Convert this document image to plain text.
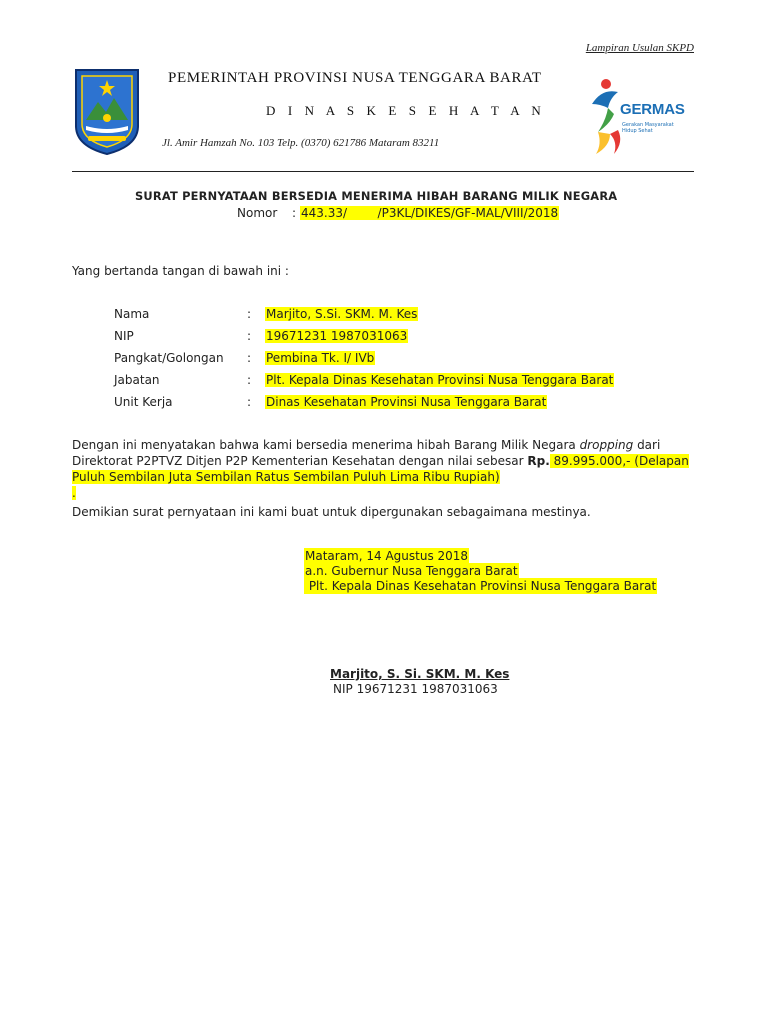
Lampiran Usulan SKPD
PEMERINTAH PROVINSI NUSA TENGGARA BARAT
D I N A S K E S E H A T A N
Jl. Amir Hamzah No. 103 Telp. (0370) 621786 Mataram 83211
GERMAS
Gerakan Masyarakat
Hidup Sehat
SURAT PERNYATAAN BERSEDIA MENERIMA HIBAH BARANG MILIK NEGARA
Nomor : 443.33/        /P3KL/DIKES/GF-MAL/VIII/2018
Yang bertanda tangan di bawah ini :
Nama	: Marjito, S.Si. SKM. M. Kes
NIP	: 19671231 1987031063
Pangkat/Golongan : Pembina Tk. I/ IVb
Jabatan	: Plt. Kepala Dinas Kesehatan Provinsi Nusa Tenggara Barat
Unit Kerja	: Dinas Kesehatan Provinsi Nusa Tenggara Barat
Dengan ini menyatakan bahwa kami bersedia menerima hibah Barang Milik Negara dropping dari Direktorat P2PTVZ Ditjen P2P Kementerian Kesehatan dengan nilai sebesar Rp. 89.995.000,- (Delapan Puluh Sembilan Juta Sembilan Ratus Sembilan Puluh Lima Ribu Rupiah)
.
Demikian surat pernyataan ini kami buat untuk dipergunakan sebagaimana mestinya.
Mataram, 14 Agustus 2018
a.n. Gubernur Nusa Tenggara Barat
Plt. Kepala Dinas Kesehatan Provinsi Nusa Tenggara Barat
Marjito, S. Si. SKM. M. Kes
NIP 19671231 1987031063
